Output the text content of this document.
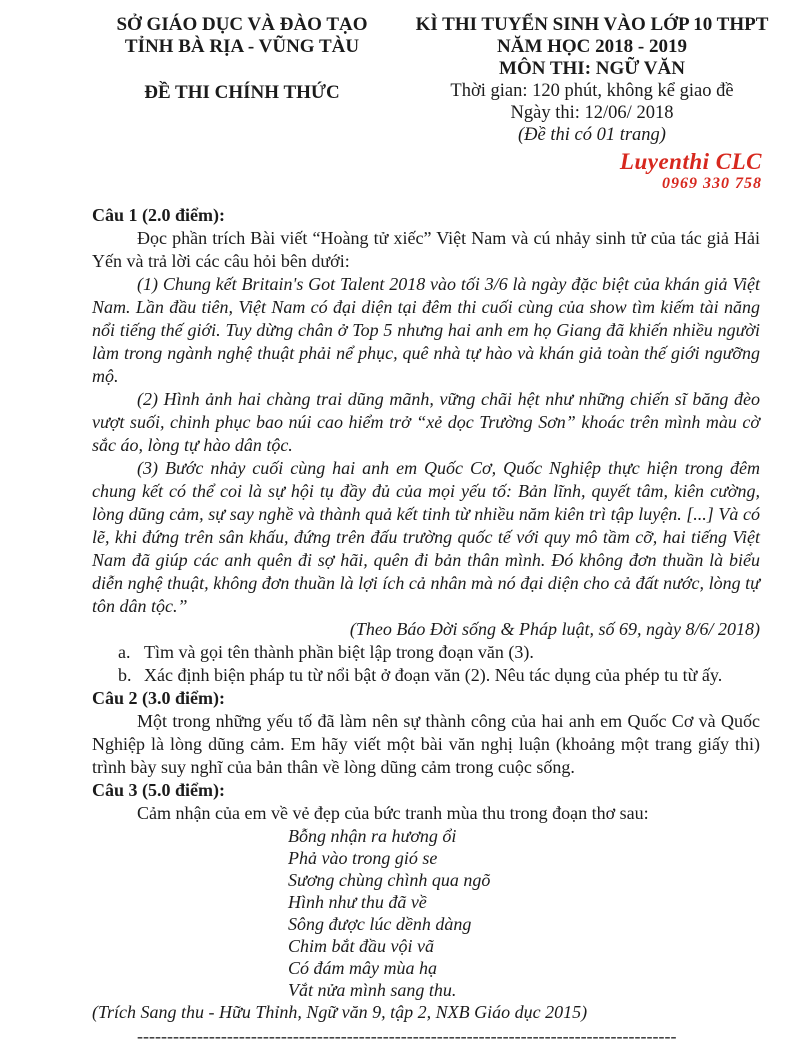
SỞ GIÁO DỤC VÀ ĐÀO TẠO
TỈNH BÀ RỊA - VŨNG TÀU
ĐỀ THI CHÍNH THỨC
KÌ THI TUYỂN SINH VÀO LỚP 10 THPT
NĂM HỌC 2018 - 2019
MÔN THI: NGỮ VĂN
Thời gian: 120 phút, không kể giao đề
Ngày thi: 12/06/ 2018
(Đề thi có 01 trang)
Luyenthi CLC
0969 330 758

Câu 1 (2.0 điểm):

Đọc phần trích Bài viết “Hoàng tử xiếc” Việt Nam và cú nhảy sinh tử của tác giả Hải Yến và trả lời các câu hỏi bên dưới:

(1) Chung kết Britain's Got Talent 2018 vào tối 3/6 là ngày đặc biệt của khán giả Việt Nam. Lần đầu tiên, Việt Nam có đại diện tại đêm thi cuối cùng của show tìm kiếm tài năng nổi tiếng thế giới. Tuy dừng chân ở Top 5 nhưng hai anh em họ Giang đã khiến nhiều người làm trong ngành nghệ thuật phải nể phục, quê nhà tự hào và khán giả toàn thế giới ngưỡng mộ.

(2) Hình ảnh hai chàng trai dũng mãnh, vững chãi hệt như những chiến sĩ băng đèo vượt suối, chinh phục bao núi cao hiểm trở “xẻ dọc Trường Sơn” khoác trên mình màu cờ sắc áo, lòng tự hào dân tộc.

(3) Bước nhảy cuối cùng hai anh em Quốc Cơ, Quốc Nghiệp thực hiện trong đêm chung kết có thể coi là sự hội tụ đầy đủ của mọi yếu tố: Bản lĩnh, quyết tâm, kiên cường, lòng dũng cảm, sự say nghề và thành quả kết tinh từ nhiều năm kiên trì tập luyện. [...] Và có lẽ, khi đứng trên sân khấu, đứng trên đấu trường quốc tế với quy mô tầm cỡ, hai tiếng Việt Nam đã giúp các anh quên đi sợ hãi, quên đi bản thân mình. Đó không đơn thuần là biểu diễn nghệ thuật, không đơn thuần là lợi ích cả nhân mà nó đại diện cho cả đất nước, lòng tự tôn dân tộc.”

(Theo Báo Đời sống & Pháp luật, số 69, ngày 8/6/ 2018)

a. Tìm và gọi tên thành phần biệt lập trong đoạn văn (3).
b. Xác định biện pháp tu từ nổi bật ở đoạn văn (2). Nêu tác dụng của phép tu từ ấy.

Câu 2 (3.0 điểm):

Một trong những yếu tố đã làm nên sự thành công của hai anh em Quốc Cơ và Quốc Nghiệp là lòng dũng cảm. Em hãy viết một bài văn nghị luận (khoảng một trang giấy thi) trình bày suy nghĩ của bản thân về lòng dũng cảm trong cuộc sống.

Câu 3 (5.0 điểm):

Cảm nhận của em về vẻ đẹp của bức tranh mùa thu trong đoạn thơ sau:

Bỗng nhận ra hương ổi
Phả vào trong gió se
Sương chùng chình qua ngõ
Hình như thu đã về
Sông được lúc dềnh dàng
Chim bắt đầu vội vã
Có đám mây mùa hạ
Vắt nửa mình sang thu.

(Trích Sang thu - Hữu Thỉnh, Ngữ văn 9, tập 2, NXB Giáo dục 2015)

------------------------------------------------------------------------------------------
